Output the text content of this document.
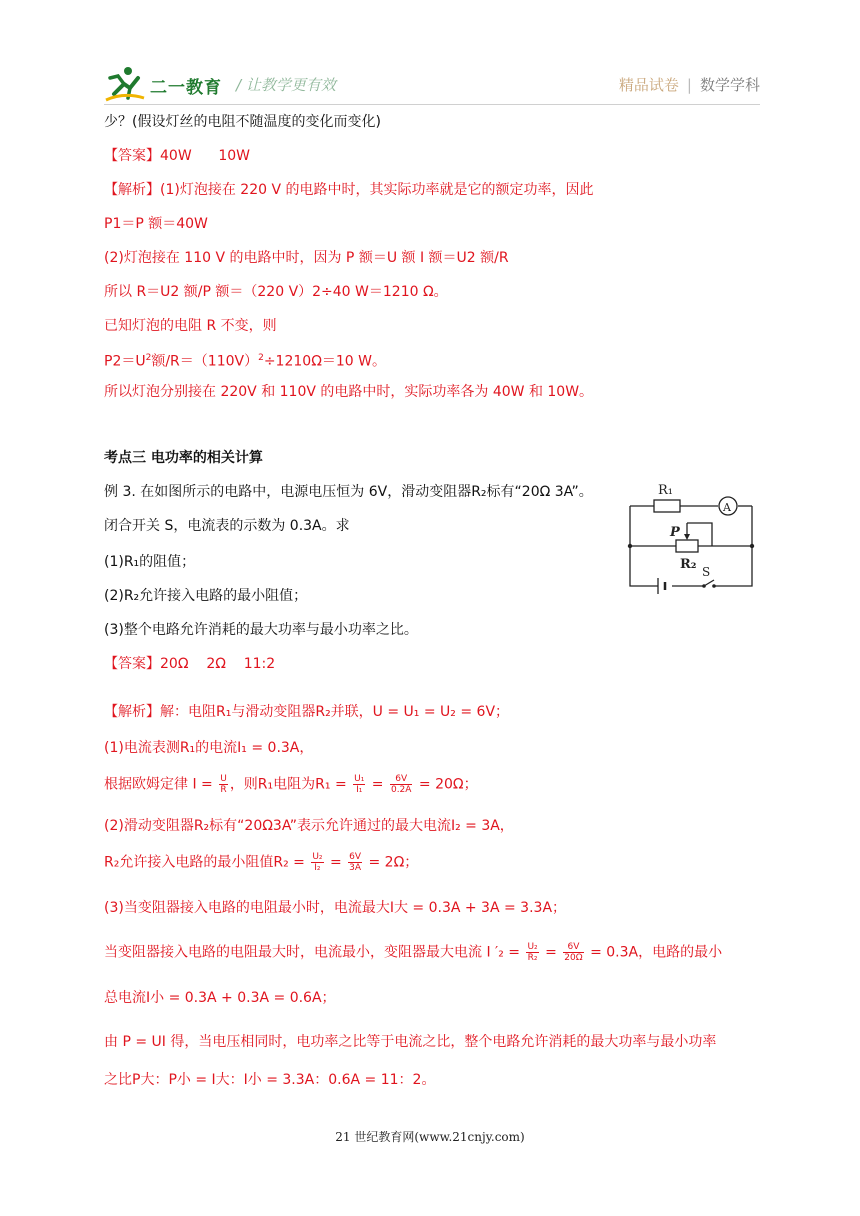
二一教育 / 让教学更有效	精品试卷 | 数学学科
少？(假设灯丝的电阻不随温度的变化而变化)
【答案】40W      10W
【解析】(1)灯泡接在 220 V 的电路中时，其实际功率就是它的额定功率，因此
P1＝P 额＝40W
(2)灯泡接在 110 V 的电路中时，因为 P 额＝U 额 I 额＝U2 额/R
所以 R＝U2 额/P 额＝（220 V）2÷40 W＝1210 Ω。
已知灯泡的电阻 R 不变，则
$P2=U^2$额$/R=(110V)^2\div 1210\Omega=10$ W。
所以灯泡分别接在 220V 和 110V 的电路中时，实际功率各为 40W 和 10W。
考点三 电功率的相关计算
例 3. 在如图所示的电路中，电源电压恒为 6V，滑动变阻器R₂标有“20Ω 3A”。
闭合开关 S，电流表的示数为 0.3A。求
(1)R₁的阻值；
(2)R₂允许接入电路的最小阻值；
(3)整个电路允许消耗的最大功率与最小功率之比。
【答案】20Ω    2Ω    11:2
R₁
A
P
R₂ S
【解析】解：电阻R₁与滑动变阻器R₂并联，U = U₁ = U₂ = 6V；
(1)电流表测R₁的电流I₁ = 0.3A，
根据欧姆定律 $I = \frac{U}{R}$ ，则R₁电阻为$R_1 = \frac{\text{U₁}}{\text{I₁}} = \frac{6V}{0.2A} = 20\Omega$；
(2)滑动变阻器R₂标有“20Ω3A”表示允许通过的最大电流I₂ = 3A，
R₂允许接入电路的最小阻值$R_2 = \frac{\text{U₂}}{\text{I₂}} = \frac{6V}{3A} = 2\Omega$；
(3)当变阻器接入电路的电阻最小时，电流最大I大 = 0.3A + 3A = 3.3A；
当变阻器接入电路的电阻最大时，电流最小，变阻器最大电流 I $'_2 = \frac{\text{U₂}}{\text{R₂}} = \frac{6V}{20\Omega} = 0.3A$，电路的最小
总电流I小 = 0.3A + 0.3A = 0.6A；
由 P = UI 得，当电压相同时，电功率之比等于电流之比，整个电路允许消耗的最大功率与最小功率
之比P大：P小 = I大：I小 = 3.3A：0.6A = 11：2。
21 世纪教育网(www.21cnjy.com)
